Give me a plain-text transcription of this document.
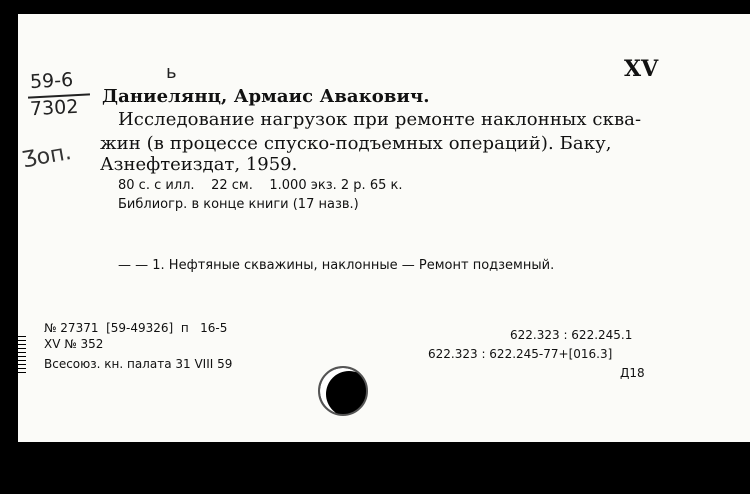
XV
59-6
7302
Ӡоп.
ь
Даниелянц, Армаис Авакович.
Исследование нагрузок при ремонте наклонных сква-
жин (в процессе спуско-подъемных операций). Баку,
Азнефтеиздат, 1959.
80 с. с илл.    22 см.    1.000 экз. 2 р. 65 к.
Библиогр. в конце книги (17 назв.)
— — 1. Нефтяные скважины, наклонные — Ремонт подземный.
№ 27371  [59-49326]  п   16-5
XV № 352
Всесоюз. кн. палата 31 VIII 59
622.323 : 622.245.1
622.323 : 622.245-77+[016.3]
Д18
